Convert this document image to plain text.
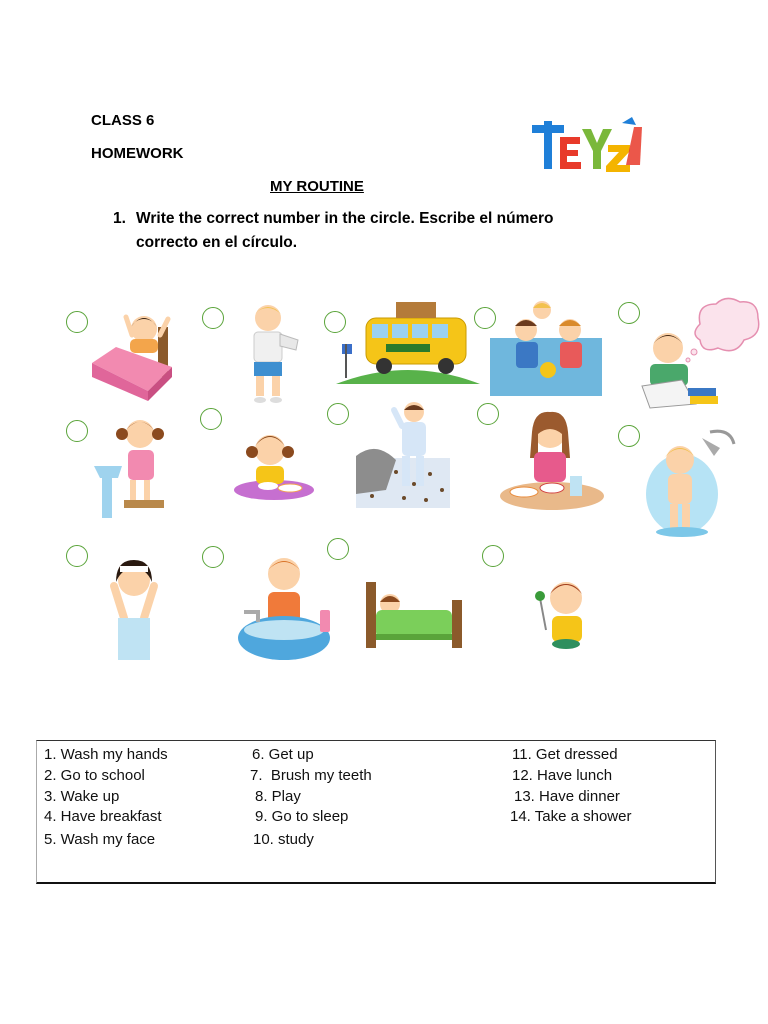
CLASS 6
HOMEWORK
MY ROUTINE
1. Write the correct number in the circle. Escribe el número
correcto en el círculo.
1. Wash my hands
2. Go to school
3. Wake up
4. Have breakfast
5. Wash my face
6. Get up
7.  Brush my teeth
8. Play
9. Go to sleep
10. study
11. Get dressed
12. Have lunch
13. Have dinner
14. Take a shower
